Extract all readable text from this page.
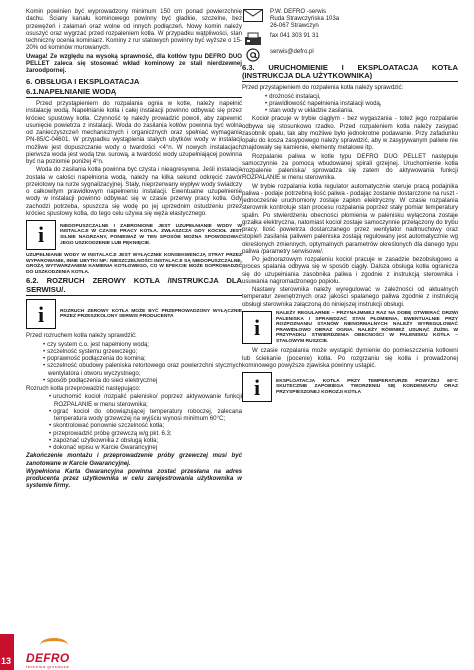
Komin powinien być wyprowadzony minimum 150 cm ponad powierzchnię dachu. Ściany kanału kominowego powinny być gładkie, szczelne, bez przewężeń i załamań oraz wolne od innych podłączeń. Nowy komin należy osuszyć oraz wygrzać przed rozpaleniem kotła. W przypadku wątpliwości, stan techniczny ocenia kominiarz. Kominy z rur stalowych powinny być wyższe o 15-20% od kominów murowanych.

Uwaga! Ze względu na wysoką sprawność, dla kotłów typu DEFRO DUO PELLET zaleca się stosować wkład kominowy ze stali nierdzewnej żaroodpornej.

6. OBSŁUGA I EKSPLOATACJA
6.1.NAPEŁNIANIE WODĄ

Przed przystąpieniem do rozpalania ognia w kotle, należy napełnić instalację wodą. Napełnianie kotła i całej instalacji powinno odbywać się przez króciec spustowy kotła. Czynność tę należy prowadzić powoli, aby zapewnić usunięcie powietrza z instalacji. Woda do zasilania kotłów powinna być wolna od zanieczyszczeń mechanicznych i organicznych oraz spełniać wymagania PN-85/C-04601. W przypadku wystąpienia stałych ubytków wody w instalacji możliwe jest dopuszczanie wody o twardości <4°n. W nowych instalacjach pierwsza woda jest wodą tzw. surową, a twardość wody uzupełniającej powinna być na poziomie poniżej 4°n.

Woda do zasilania kotła powinna być czysta i nieagresywna. Jeśli instalacja została w całości napełniona wodą, należy na kilka sekund odkręcić zawór przelotowy na rurze sygnalizacyjnej. Stały, nieprzerwany wypływ wody świadczy o całkowitym prawidłowym napełnieniu instalacji. Ewentualne uzupełnienie wody w instalacji powinno odbywać się w czasie przerwy pracy kotła. Gdy zachodzi potrzeba, spuszcza się wodę po jej uprzednim ostudzeniu przez króciec spustowy kotła, do tego celu używa się węża elastycznego.

i	NIEDOPUSZCZALNE I ZABRONIONE JEST UZUPEŁNIANIE WODY W INSTALACJI W CZASIE PRACY KOTŁA. ZWŁASZCZA GDY KOCIOŁ JEST SILNIE NAGRZANY, PONIEWAŻ W TEN SPOSÓB MOŻNA SPOWODOWAĆ JEGO USZKODZENIE LUB PĘKNIĘCIE.
UZUPEŁNIANIE WODY W INSTALACJI JEST WYŁĄCZNIE KONSEKWENCJĄ STRAT PRZEZ WYPAROWANIE, INNE UBYTKI NP.: NIESZCZELNOŚCI INSTALACJI SĄ NIEDOPUSZCZALNE, GROŻĄ WYTWARZANIEM KAMIENIA KOTŁOWEGO, CO W EFEKCIE MOŻE DOPROWADZIĆ DO USZKODZENIA KOTŁA.
6.2. ROZRUCH ZEROWY KOTŁA /INSTRUKCJA DLA SERWISU/.
i	ROZRUCH ZEROWY KOTŁA MOŻE BYĆ PRZEPROWADZONY WYŁĄCZNIE PRZEZ PRZESZKOLONY SERWIS PRODUCENTA

Przed rozruchem kotła należy sprawdzić:

• czy system c.o. jest napełniony wodą;
• szczelność systemu grzewczego;
• poprawność podłączenia do komina;
• szczelność obudowy paleniska retortowego oraz powierzchni stycznych wentylatora i otworu wyczystnego;
• sposób podłączenia do sieci elektrycznej

Rozruch kotła przeprowadzić następująco:

• uruchomić kocioł /rozpalić palenisko/ poprzez aktywowanie funkcji ROZPALANIE w menu sterownika;
• ograć kocioł do obowiązującej temperatury roboczej, zalecana temperatura wody grzewczej na wyjściu wynosi minimum 60°C;
• skontrolować ponownie szczelność kotła;
• przeprowadzić próbę grzewczą w/g pkt. 6.3;
• zapoznać użytkownika z obsługą kotła;
• dokonać wpisu w Karcie Gwarancyjnej

Zakończenie montażu i przeprowadzenie próby grzewczej musi być zanotowane w Karcie Gwarancyjnej.

Wypełniona Karta Gwarancyjna powinna zostać przesłana na adres producenta przez użytkownika w celu zarejestrowania użytkownika w systemie firmy.

P.W. DEFRO -serwis
Ruda Strawczyńska 103a
26-067 Strawczyn
fax 041 303 91 31
serwis@defro.pl
6.3. URUCHOMIENIE I EKSPLOATACJA KOTŁA (INSTRUKCJA DLA UŻYTKOWNIKA)

Przed przystąpieniem do rozpalenia kotła należy sprawdzić:

• drożność instalacji,
• prawidłowość napełnienia instalacji wodą,
• stan wody w układzie zasilania.

Kocioł pracuje w trybie ciągłym - bez wygaszania - toteż jego rozpalanie odbywa się stosunkowo rzadko. Przed rozpaleniem kotła należy zasypać zasobnik opału, tak aby możliwe było jednokrotne podawanie. Przy zafadunku opału do kosza zasypowego należy sprawdzić, aby w zasypywanym paliwie nie znajdowały się kamienie, elementy metalowe itp.

Rozpalanie paliwa w kotle typu DEFRO DUO PELLET następuje samoczynnie za pomocą wbudowanej spirali grzejnej. Uruchomienie kotła /rozpalenie paleniska/ sprowadza się zatem do aktywowania funkcji ROZPALANIE w menu sterownika.

W trybie rozpalania kotła regulator automatycznie steruje pracą podajnika paliwa - podaje potrzebną ilość paliwa - podając zostanie dostarczone na ruszt - jednocześnie uruchomiony zostaje zapłon elektryczny. W czasie rozpalania sterownik kontroluje stan procesu rozpalania poprzez stały pomiar temperatury spalin. Po stwierdzeniu obecności płomienia w palenisku wyłączona zostaje grzałka elektryczna, natomiast kocioł zostaje samoczynnie przełączony do trybu pracy. Ilość powietrza dostarczanego przez wentylator nadmuchowy oraz stopień zasilania paliwem paleniska zostają regulowany jest automatycznie wg określonych zmiennych, optymalnych parametrów określonych dla danego typu paliwa /parametry serwisowe/.

Po jednorazowym rozpaleniu kocioł pracuje w zasadzie bezobsługowo a proces spalania odbywa się w sposób ciągły. Dalsza obsługa kotła ogranicza się do uzupełniania zasobnika paliwa i zgodnie z instrukcją sterownika i usuwania nagromadzonego popiołu.

Nastawy sterownika należy wyregulować w zależności od aktualnych temperatur zewnętrznych oraz jakości spalanego paliwa zgodnie z instrukcją obsługi sterownika załączoną do niniejszej instrukcji obsługi.

i
NALEŻY REGULARNIE – PRZYNAJMNIEJ RAZ NA DOBĘ OTWIERAĆ DRZWI PALENISKA I SPRAWDZAĆ STAN PŁOMIENIA, EWENTUALNIE PRZY ROZPOZNANIU STANÓW NIENORMALNYCH NALEŻY WYREGULOWAĆ PRAWIDŁOWO OBRAZ OGNIA. NALEŻY RÓWNIEŻ USUNĄĆ ŻUŻEL W PRZYPADKU STWIERDZENIA OBECNOŚCI W PALENISKU KOTŁA – STAŁOWYM RUSZCIE.

W czasie rozpalania może wystąpić dymienie do pomieszczenia kotłowni lub ściekanie (pocenie) kotła. Po rozgrzaniu się kotła i prowadzonej kominowego powyższe zjawiska powinny ustąpić.

i	EKSPLOATACJA KOTŁA PRZY TEMPERATURZE POWYŻEJ 60°C SKUTECZNIE ZAPOBIEGA TWORZENIU SIĘ KONDENSATU ORAZ PRZYSPIESZONEJ KOROZJI KOTŁA
13 DEFRO
technika grzewcza
